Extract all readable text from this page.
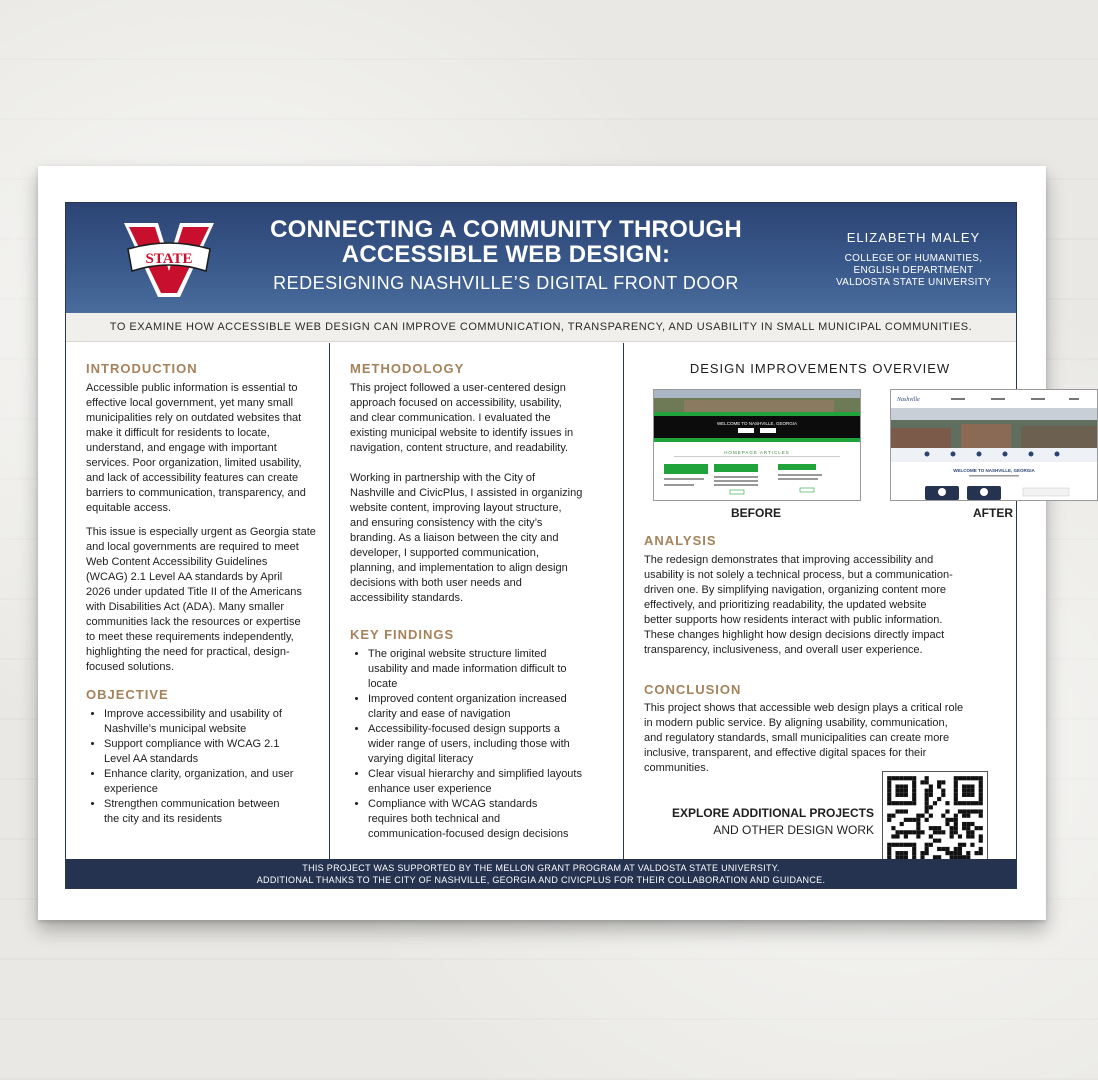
STATE
CONNECTING A COMMUNITY THROUGH
ACCESSIBLE WEB DESIGN:
REDESIGNING NASHVILLE’S DIGITAL FRONT DOOR
ELIZABETH MALEY
COLLEGE OF HUMANITIES,
ENGLISH DEPARTMENT
VALDOSTA STATE UNIVERSITY
TO EXAMINE HOW ACCESSIBLE WEB DESIGN CAN IMPROVE COMMUNICATION, TRANSPARENCY, AND USABILITY IN SMALL MUNICIPAL COMMUNITIES.
INTRODUCTION
Accessible public information is essential to
effective local government, yet many small
municipalities rely on outdated websites that
make it difficult for residents to locate,
understand, and engage with important
services. Poor organization, limited usability,
and lack of accessibility features can create
barriers to communication, transparency, and
equitable access.
This issue is especially urgent as Georgia state
and local governments are required to meet
Web Content Accessibility Guidelines
(WCAG) 2.1 Level AA standards by April
2026 under updated Title II of the Americans
with Disabilities Act (ADA). Many smaller
communities lack the resources or expertise
to meet these requirements independently,
highlighting the need for practical, design-
focused solutions.
OBJECTIVE
• Improve accessibility and usability of
Nashville’s municipal website
• Support compliance with WCAG 2.1
Level AA standards
• Enhance clarity, organization, and user
experience
• Strengthen communication between
the city and its residents
METHODOLOGY
This project followed a user-centered design
approach focused on accessibility, usability,
and clear communication. I evaluated the
existing municipal website to identify issues in
navigation, content structure, and readability.
Working in partnership with the City of
Nashville and CivicPlus, I assisted in organizing
website content, improving layout structure,
and ensuring consistency with the city’s
branding. As a liaison between the city and
developer, I supported communication,
planning, and implementation to align design
decisions with both user needs and
accessibility standards.
KEY FINDINGS
• The original website structure limited
usability and made information difficult to
locate
• Improved content organization increased
clarity and ease of navigation
• Accessibility-focused design supports a
wider range of users, including those with
varying digital literacy
• Clear visual hierarchy and simplified layouts
enhance user experience
• Compliance with WCAG standards
requires both technical and
communication-focused design decisions
DESIGN IMPROVEMENTS OVERVIEW
WELCOME TO NASHVILLE, GEORGIA
HOMEPAGE ARTICLES
BEFORE
Nashville
WELCOME TO NASHVILLE, GEORGIA
AFTER
ANALYSIS
The redesign demonstrates that improving accessibility and
usability is not solely a technical process, but a communication-
driven one. By simplifying navigation, organizing content more
effectively, and prioritizing readability, the updated website
better supports how residents interact with public information.
These changes highlight how design decisions directly impact
transparency, inclusiveness, and overall user experience.
CONCLUSION
This project shows that accessible web design plays a critical role
in modern public service. By aligning usability, communication,
and regulatory standards, small municipalities can create more
inclusive, transparent, and effective digital spaces for their
communities.
EXPLORE ADDITIONAL PROJECTS
AND OTHER DESIGN WORK
THIS PROJECT WAS SUPPORTED BY THE MELLON GRANT PROGRAM AT VALDOSTA STATE UNIVERSITY.
ADDITIONAL THANKS TO THE CITY OF NASHVILLE, GEORGIA AND CIVICPLUS FOR THEIR COLLABORATION AND GUIDANCE.
